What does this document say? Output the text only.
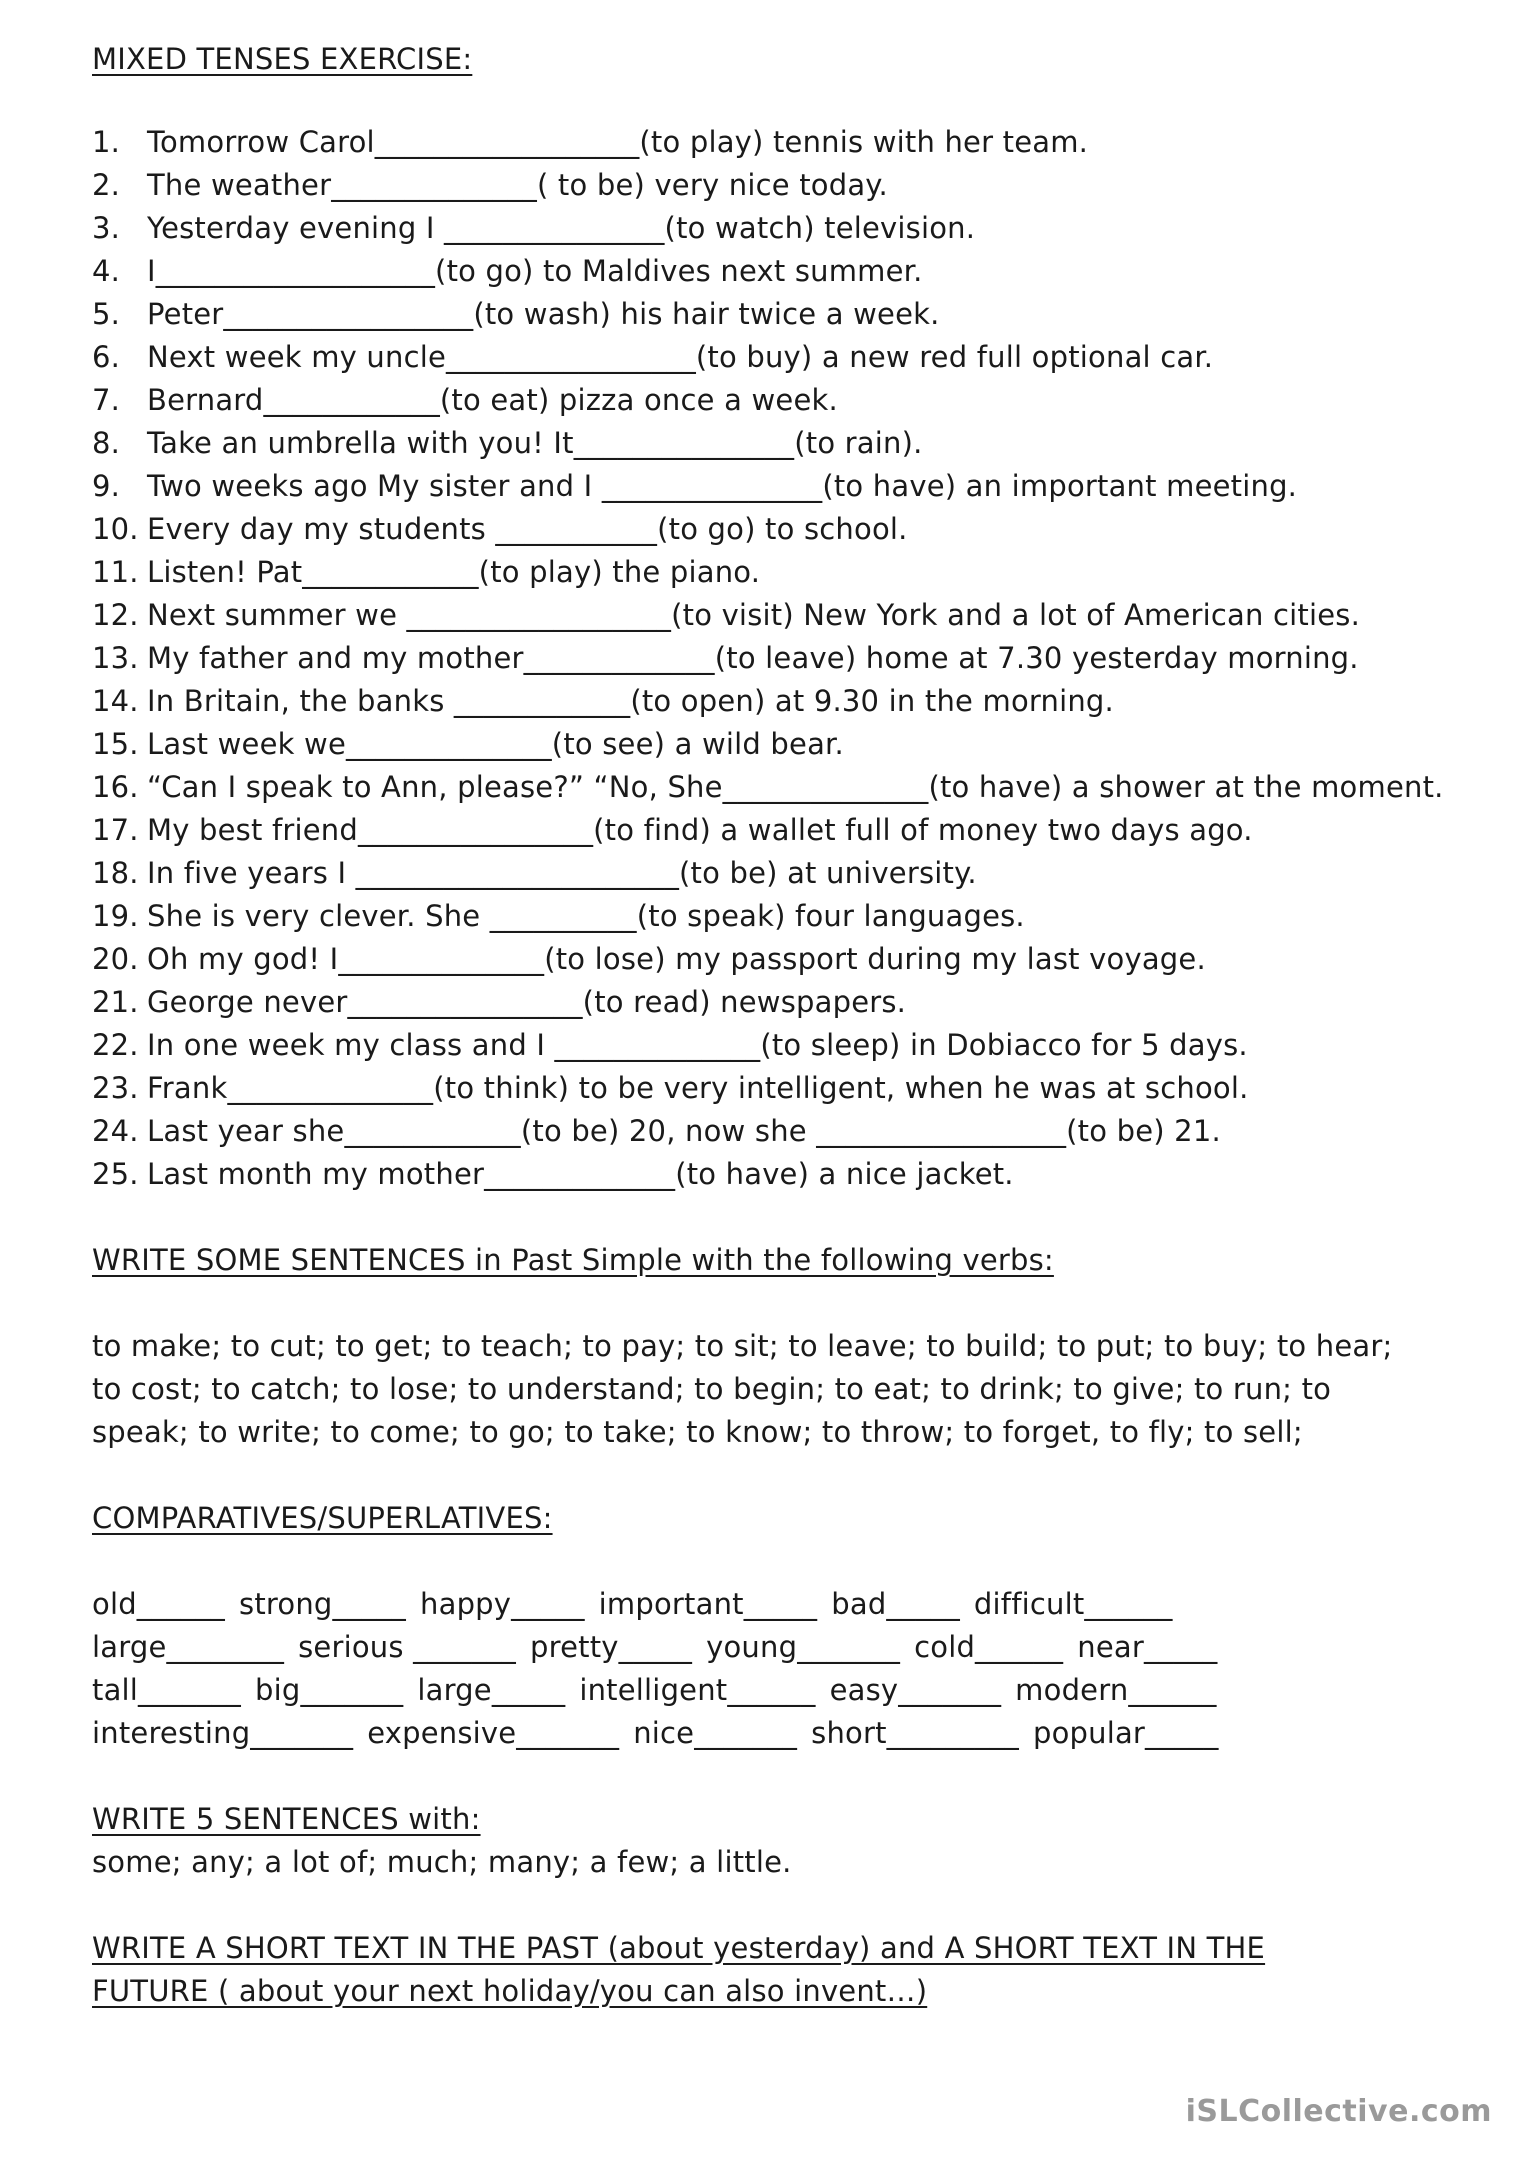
MIXED TENSES EXERCISE:
1. Tomorrow Carol__________________(to play) tennis with her team.
2. The weather______________( to be) very nice today.
3. Yesterday evening I _______________(to watch) television.
4. I___________________(to go) to Maldives next summer.
5. Peter_________________(to wash) his hair twice a week.
6. Next week my uncle_________________(to buy) a new red full optional car.
7. Bernard____________(to eat) pizza once a week.
8. Take an umbrella with you! It_______________(to rain).
9. Two weeks ago My sister and I _______________(to have) an important meeting.
10. Every day my students ___________(to go) to school.
11. Listen! Pat____________(to play) the piano.
12. Next summer we __________________(to visit) New York and a lot of American cities.
13. My father and my mother_____________(to leave) home at 7.30 yesterday morning.
14. In Britain, the banks ____________(to open) at 9.30 in the morning.
15. Last week we______________(to see) a wild bear.
16. “Can I speak to Ann, please?” “No, She______________(to have) a shower at the moment.
17. My best friend________________(to find) a wallet full of money two days ago.
18. In five years I ______________________(to be) at university.
19. She is very clever. She __________(to speak) four languages.
20. Oh my god! I______________(to lose) my passport during my last voyage.
21. George never________________(to read) newspapers.
22. In one week my class and I ______________(to sleep) in Dobiacco for 5 days.
23. Frank______________(to think) to be very intelligent, when he was at school.
24. Last year she____________(to be) 20, now she _________________(to be) 21.
25. Last month my mother_____________(to have) a nice jacket.
WRITE SOME SENTENCES in Past Simple with the following verbs:

to make; to cut; to get; to teach; to pay; to sit; to leave; to build; to put; to buy; to hear;

to cost; to catch; to lose; to understand; to begin; to eat; to drink; to give; to run; to

speak; to write; to come; to go; to take; to know; to throw; to forget, to fly; to sell;

COMPARATIVES/SUPERLATIVES:
old______ strong_____ happy_____ important_____ bad_____ difficult______
large________ serious _______ pretty_____ young_______ cold______ near_____
tall_______ big_______ large_____ intelligent______ easy_______ modern______
interesting_______ expensive_______ nice_______ short_________ popular_____
WRITE 5 SENTENCES with:

some; any; a lot of; much; many; a few; a little.

WRITE A SHORT TEXT IN THE PAST (about yesterday) and A SHORT TEXT IN THE
FUTURE ( about your next holiday/you can also invent…)
iSLCollective.com
